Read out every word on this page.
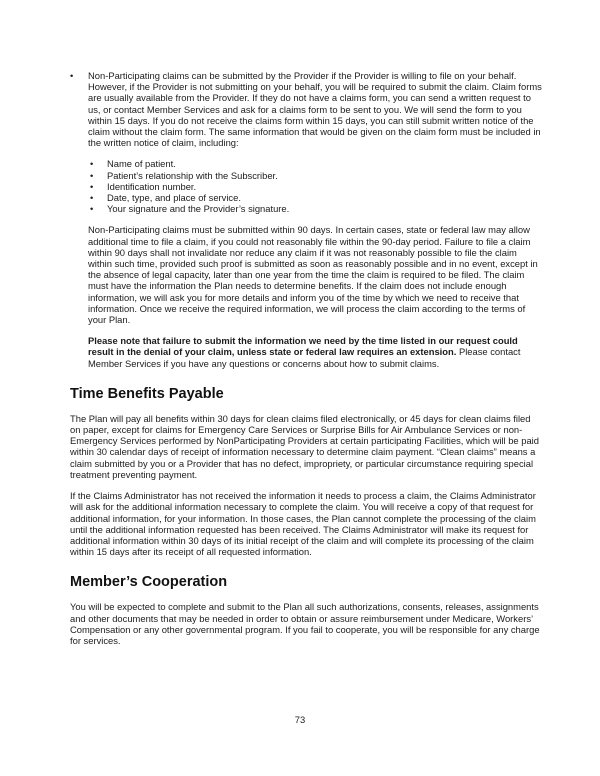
•	Non-Participating claims can be submitted by the Provider if the Provider is willing to file on your behalf. However, if the Provider is not submitting on your behalf, you will be required to submit the claim. Claim forms are usually available from the Provider. If they do not have a claims form, you can send a written request to us, or contact Member Services and ask for a claims form to be sent to you. We will send the form to you within 15 days. If you do not receive the claims form within 15 days, you can still submit written notice of the claim without the claim form. The same information that would be given on the claim form must be included in the written notice of claim, including:
•	Name of patient.
•	Patient’s relationship with the Subscriber.
•	Identification number.
•	Date, type, and place of service.
•	Your signature and the Provider’s signature.

Non-Participating claims must be submitted within 90 days. In certain cases, state or federal law may allow additional time to file a claim, if you could not reasonably file within the 90-day period. Failure to file a claim within 90 days shall not invalidate nor reduce any claim if it was not reasonably possible to file the claim within such time, provided such proof is submitted as soon as reasonably possible and in no event, except in the absence of legal capacity, later than one year from the time the claim is required to be filed. The claim must have the information the Plan needs to determine benefits. If the claim does not include enough information, we will ask you for more details and inform you of the time by which we need to receive that information. Once we receive the required information, we will process the claim according to the terms of your Plan.

Please note that failure to submit the information we need by the time listed in our request could result in the denial of your claim, unless state or federal law requires an extension. Please contact Member Services if you have any questions or concerns about how to submit claims.

Time Benefits Payable

The Plan will pay all benefits within 30 days for clean claims filed electronically, or 45 days for clean claims filed on paper, except for claims for Emergency Care Services or Surprise Bills for Air Ambulance Services or non-Emergency Services performed by NonParticipating Providers at certain participating Facilities, which will be paid within 30 calendar days of receipt of information necessary to determine claim payment. “Clean claims” means a claim submitted by you or a Provider that has no defect, impropriety, or particular circumstance requiring special treatment preventing payment.

If the Claims Administrator has not received the information it needs to process a claim, the Claims Administrator will ask for the additional information necessary to complete the claim. You will receive a copy of that request for additional information, for your information. In those cases, the Plan cannot complete the processing of the claim until the additional information requested has been received. The Claims Administrator will make its request for additional information within 30 days of its initial receipt of the claim and will complete its processing of the claim within 15 days after its receipt of all requested information.

Member’s Cooperation

You will be expected to complete and submit to the Plan all such authorizations, consents, releases, assignments and other documents that may be needed in order to obtain or assure reimbursement under Medicare, Workers’ Compensation or any other governmental program. If you fail to cooperate, you will be responsible for any charge for services.

73
